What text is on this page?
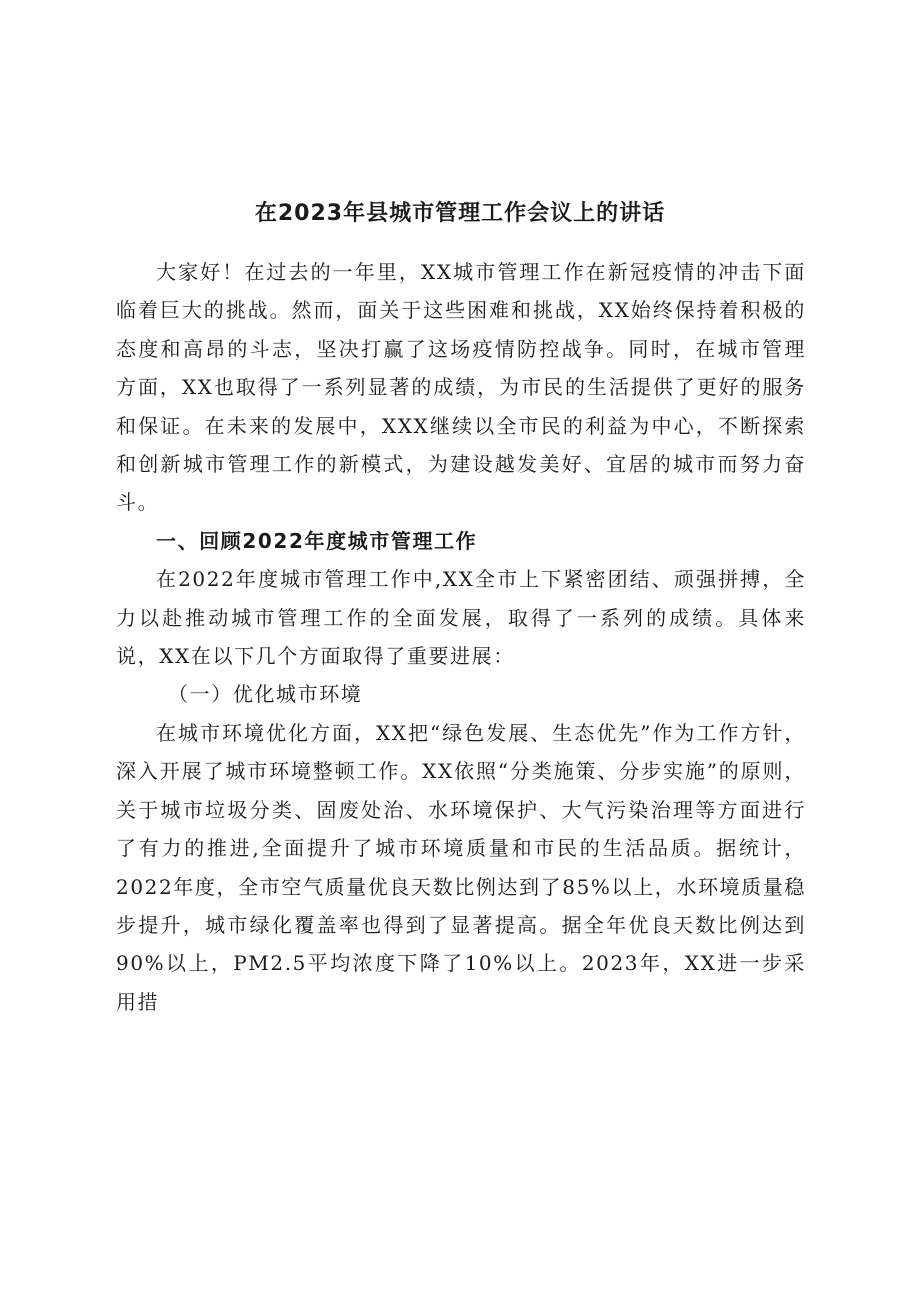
在2023年县城市管理工作会议上的讲话

大家好！在过去的一年里，XX城市管理工作在新冠疫情的冲击下面临着巨大的挑战。然而，面关于这些困难和挑战，XX始终保持着积极的态度和高昂的斗志，坚决打赢了这场疫情防控战争。同时，在城市管理方面，XX也取得了一系列显著的成绩，为市民的生活提供了更好的服务和保证。在未来的发展中，XXX继续以全市民的利益为中心，不断探索和创新城市管理工作的新模式，为建设越发美好、宜居的城市而努力奋斗。

一、回顾2022年度城市管理工作

在2022年度城市管理工作中,XX全市上下紧密团结、顽强拼搏，全力以赴推动城市管理工作的全面发展，取得了一系列的成绩。具体来说，XX在以下几个方面取得了重要进展：

（一）优化城市环境

在城市环境优化方面，XX把“绿色发展、生态优先”作为工作方针，深入开展了城市环境整顿工作。XX依照“分类施策、分步实施”的原则，关于城市垃圾分类、固废处治、水环境保护、大气污染治理等方面进行了有力的推进,全面提升了城市环境质量和市民的生活品质。据统计，2022年度，全市空气质量优良天数比例达到了85%以上，水环境质量稳步提升，城市绿化覆盖率也得到了显著提高。据全年优良天数比例达到90%以上，PM2.5平均浓度下降了10%以上。2023年，XX进一步采用措
